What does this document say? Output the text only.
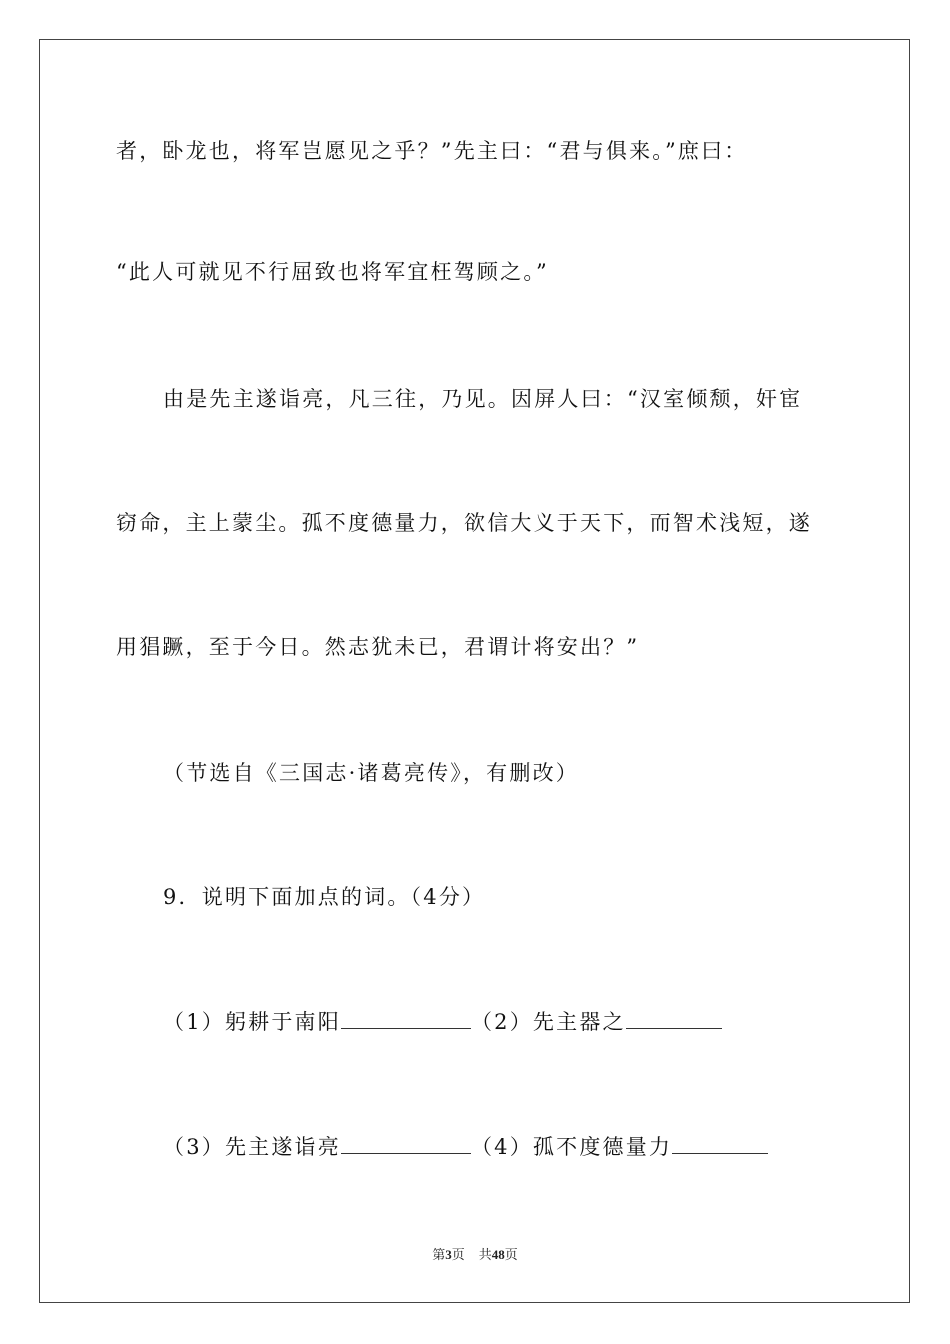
者，卧龙也，将军岂愿见之乎？”先主曰：“君与俱来。”庶曰：
“此人可就见不行屈致也将军宜枉驾顾之。”
由是先主遂诣亮，凡三往，乃见。因屏人曰：“汉室倾颓，奸宦
窃命，主上蒙尘。孤不度德量力，欲信大义于天下，而智术浅短，遂
用猖蹶，至于今日。然志犹未已，君谓计将安出？”
（节选自《三国志·诸葛亮传》，有删改）
9．说明下面加点的词。（4分）
（1）躬耕于南阳	（2）先主器之
（3）先主遂诣亮	（4）孤不度德量力
第3页 共48页
